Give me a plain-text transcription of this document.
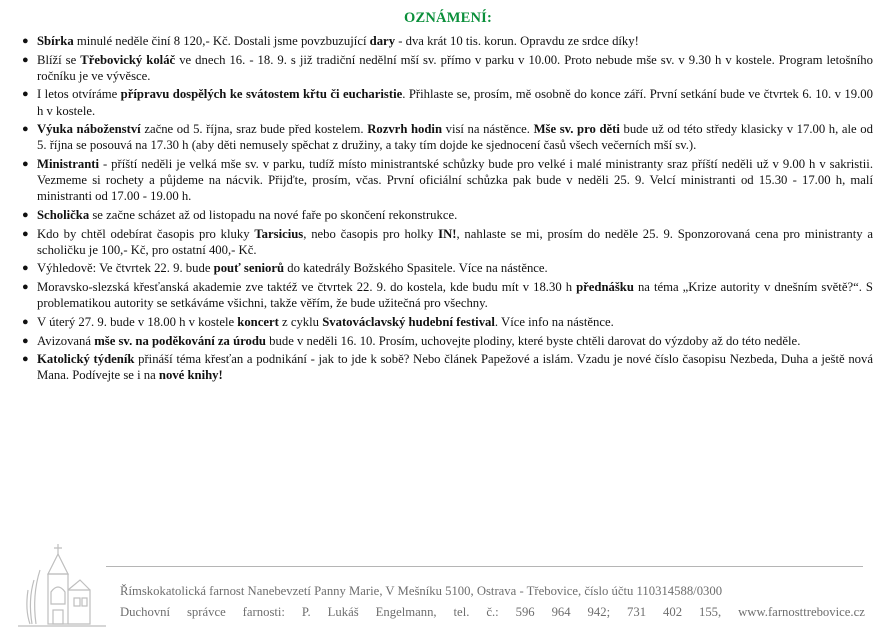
OZNÁMENÍ:
● Sbírka minulé neděle činí 8 120,- Kč. Dostali jsme povzbuzující dary - dva krát 10 tis. korun. Opravdu ze srdce díky!
● Blíží se Třebovický koláč ve dnech 16. - 18. 9. s již tradiční nedělní mší sv. přímo v parku v 10.00. Proto nebude mše sv. v 9.30 h v kostele. Program letošního ročníku je ve vývěsce.
● I letos otvíráme přípravu dospělých ke svátostem křtu či eucharistie. Přihlaste se, prosím, mě osobně do konce září. První setkání bude ve čtvrtek 6. 10. v 19.00 h v kostele.
● Výuka náboženství začne od 5. října, sraz bude před kostelem. Rozvrh hodin visí na nástěnce. Mše sv. pro děti bude už od této středy klasicky v 17.00 h, ale od 5. října se posouvá na 17.30 h (aby děti nemusely spěchat z družiny, a taky tím dojde ke sjednocení časů všech večerních mší sv.).
● Ministranti - příští neděli je velká mše sv. v parku, tudíž místo ministrantské schůzky bude pro velké i malé ministranty sraz příští neděli už v 9.00 h v sakristii. Vezmeme si rochety a půjdeme na nácvik. Přijďte, prosím, včas. První oficiální schůzka pak bude v neděli 25. 9. Velcí ministranti od 15.30 - 17.00 h, malí ministranti od 17.00 - 19.00 h.
● Scholička se začne scházet až od listopadu na nové faře po skončení rekonstrukce.
● Kdo by chtěl odebírat časopis pro kluky Tarsicius, nebo časopis pro holky IN!, nahlaste se mi, prosím do neděle 25. 9. Sponzorovaná cena pro ministranty a scholičku je 100,- Kč, pro ostatní 400,- Kč.
● Výhledově: Ve čtvrtek 22. 9. bude pouť seniorů do katedrály Božského Spasitele. Více na nástěnce.
● Moravsko-slezská křesťanská akademie zve taktéž ve čtvrtek 22. 9. do kostela, kde budu mít v 18.30 h přednášku na téma „Krize autority v dnešním světě?“. S problematikou autority se setkáváme všichni, takže věřím, že bude užitečná pro všechny.
● V úterý 27. 9. bude v 18.00 h v kostele koncert z cyklu Svatováclavský hudební festival. Více info na nástěnce.
● Avizovaná mše sv. na poděkování za úrodu bude v neděli 16. 10. Prosím, uchovejte plodiny, které byste chtěli darovat do výzdoby až do této neděle.
● Katolický týdeník přináší téma křesťan a podnikání - jak to jde k sobě? Nebo článek Papežové a islám. Vzadu je nové číslo časopisu Nezbeda, Duha a ještě nová Mana. Podívejte se i na nové knihy!
Římskokatolická farnost Nanebevzetí Panny Marie, V Mešníku 5100, Ostrava - Třebovice, číslo účtu 110314588/0300
Duchovní správce farnosti: P. Lukáš Engelmann, tel. č.: 596 964 942; 731 402 155, www.farnosttrebovice.cz
